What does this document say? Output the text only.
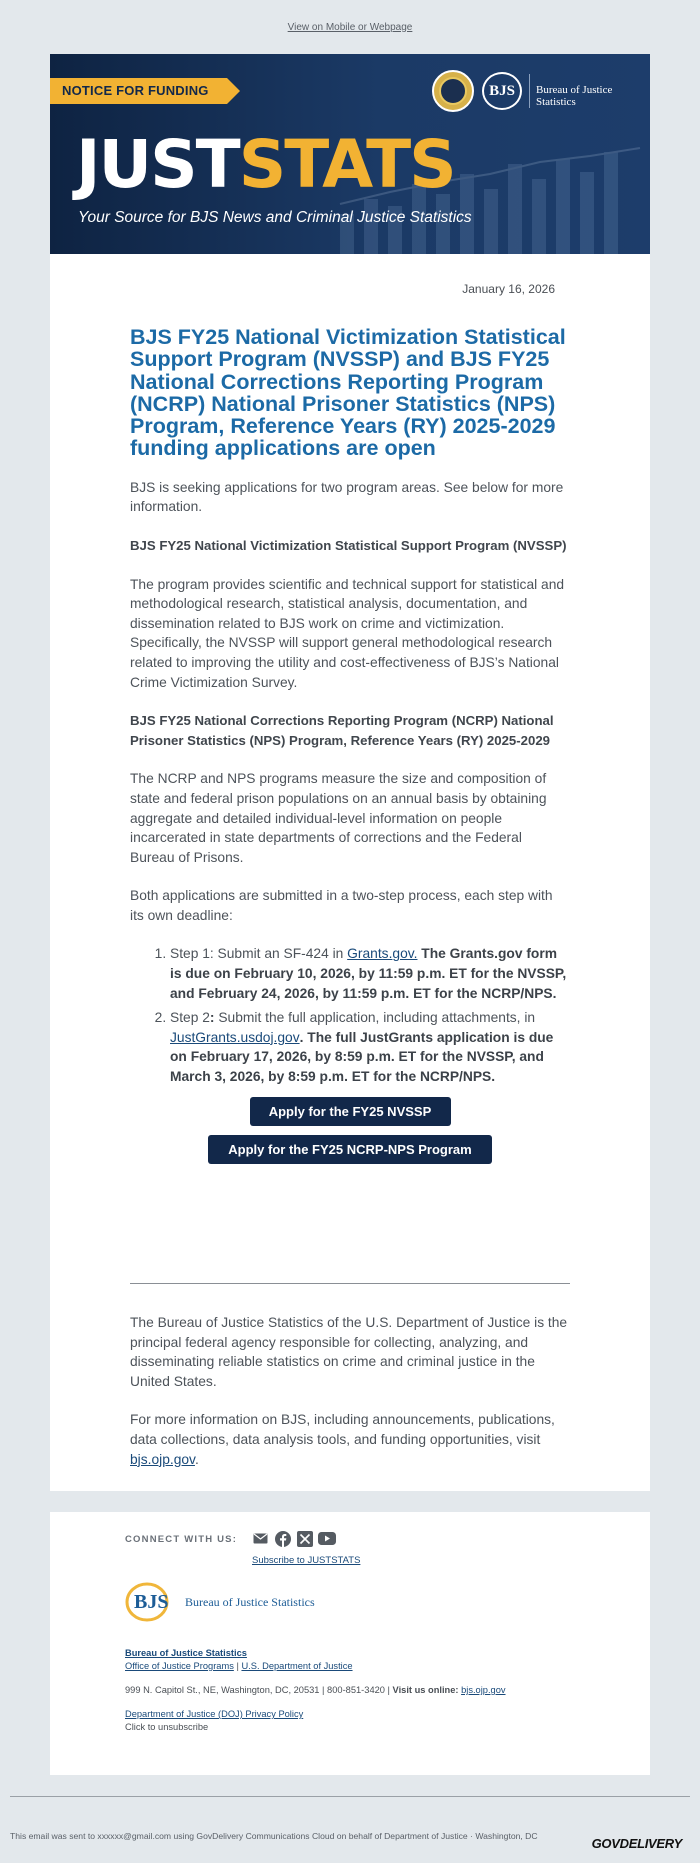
View on Mobile or Webpage
NOTICE FOR FUNDING	BJS	Bureau of Justice Statistics
JUSTSTATS
Your Source for BJS News and Criminal Justice Statistics
January 16, 2026
BJS FY25 National Victimization Statistical Support Program (NVSSP) and BJS FY25 National Corrections Reporting Program (NCRP) National Prisoner Statistics (NPS) Program, Reference Years (RY) 2025-2029 funding applications are open

BJS is seeking applications for two program areas. See below for more information.

BJS FY25 National Victimization Statistical Support Program (NVSSP)

The program provides scientific and technical support for statistical and methodological research, statistical analysis, documentation, and dissemination related to BJS work on crime and victimization. Specifically, the NVSSP will support general methodological research related to improving the utility and cost-effectiveness of BJS’s National Crime Victimization Survey.

BJS FY25 National Corrections Reporting Program (NCRP) National Prisoner Statistics (NPS) Program, Reference Years (RY) 2025-2029

The NCRP and NPS programs measure the size and composition of state and federal prison populations on an annual basis by obtaining aggregate and detailed individual-level information on people incarcerated in state departments of corrections and the Federal Bureau of Prisons.

Both applications are submitted in a two-step process, each step with its own deadline:

1. Step 1: Submit an SF-424 in Grants.gov. The Grants.gov form is due on February 10, 2026, by 11:59 p.m. ET for the NVSSP, and February 24, 2026, by 11:59 p.m. ET for the NCRP/NPS.
2. Step 2: Submit the full application, including attachments, in JustGrants.usdoj.gov. The full JustGrants application is due on February 17, 2026, by 8:59 p.m. ET for the NVSSP, and March 3, 2026, by 8:59 p.m. ET for the NCRP/NPS.
Apply for the FY25 NVSSP
Apply for the FY25 NCRP-NPS Program

The Bureau of Justice Statistics of the U.S. Department of Justice is the principal federal agency responsible for collecting, analyzing, and disseminating reliable statistics on crime and criminal justice in the United States.

For more information on BJS, including announcements, publications, data collections, data analysis tools, and funding opportunities, visit bjs.ojp.gov.

CONNECT WITH US:
Subscribe to JUSTSTATS
BJS Bureau of Justice Statistics
Bureau of Justice Statistics
Office of Justice Programs | U.S. Department of Justice
999 N. Capitol St., NE, Washington, DC, 20531 | 800-851-3420 | Visit us online: bjs.ojp.gov
Department of Justice (DOJ) Privacy Policy
Click to unsubscribe
This email was sent to xxxxxx@gmail.com using GovDelivery Communications Cloud on behalf of Department of Justice · Washington, DC	GOVDELIVERY
